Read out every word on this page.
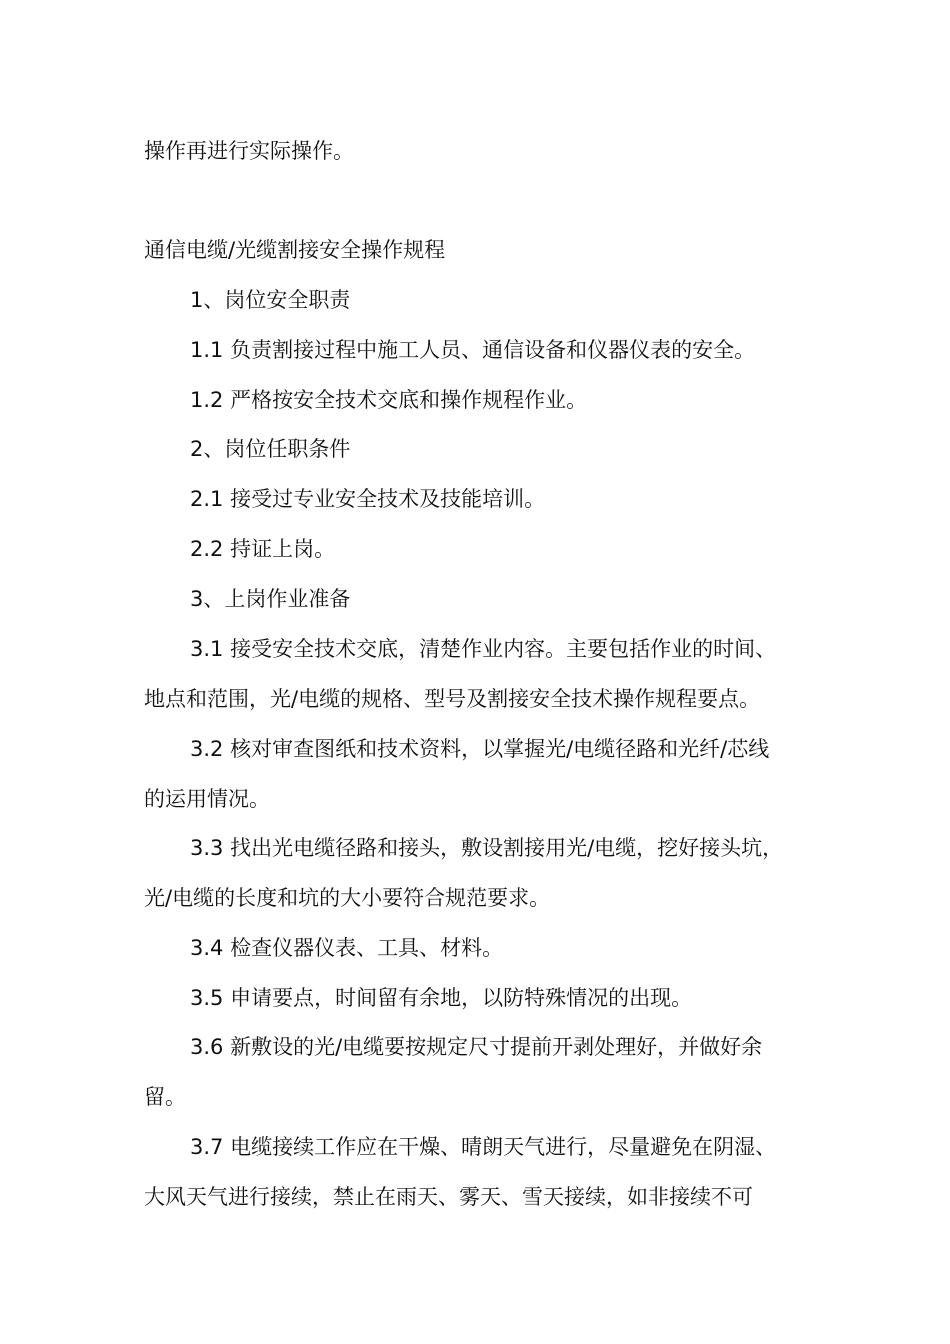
操作再进行实际操作。
通信电缆/光缆割接安全操作规程
1、岗位安全职责
1.1 负责割接过程中施工人员、通信设备和仪器仪表的安全。
1.2 严格按安全技术交底和操作规程作业。
2、岗位任职条件
2.1 接受过专业安全技术及技能培训。
2.2 持证上岗。
3、上岗作业准备
3.1 接受安全技术交底，清楚作业内容。主要包括作业的时间、
地点和范围，光/电缆的规格、型号及割接安全技术操作规程要点。
3.2 核对审查图纸和技术资料，以掌握光/电缆径路和光纤/芯线
的运用情况。
3.3 找出光电缆径路和接头，敷设割接用光/电缆，挖好接头坑，
光/电缆的长度和坑的大小要符合规范要求。
3.4 检查仪器仪表、工具、材料。
3.5 申请要点，时间留有余地，以防特殊情况的出现。
3.6 新敷设的光/电缆要按规定尺寸提前开剥处理好，并做好余
留。
3.7 电缆接续工作应在干燥、晴朗天气进行，尽量避免在阴湿、
大风天气进行接续，禁止在雨天、雾天、雪天接续，如非接续不可
